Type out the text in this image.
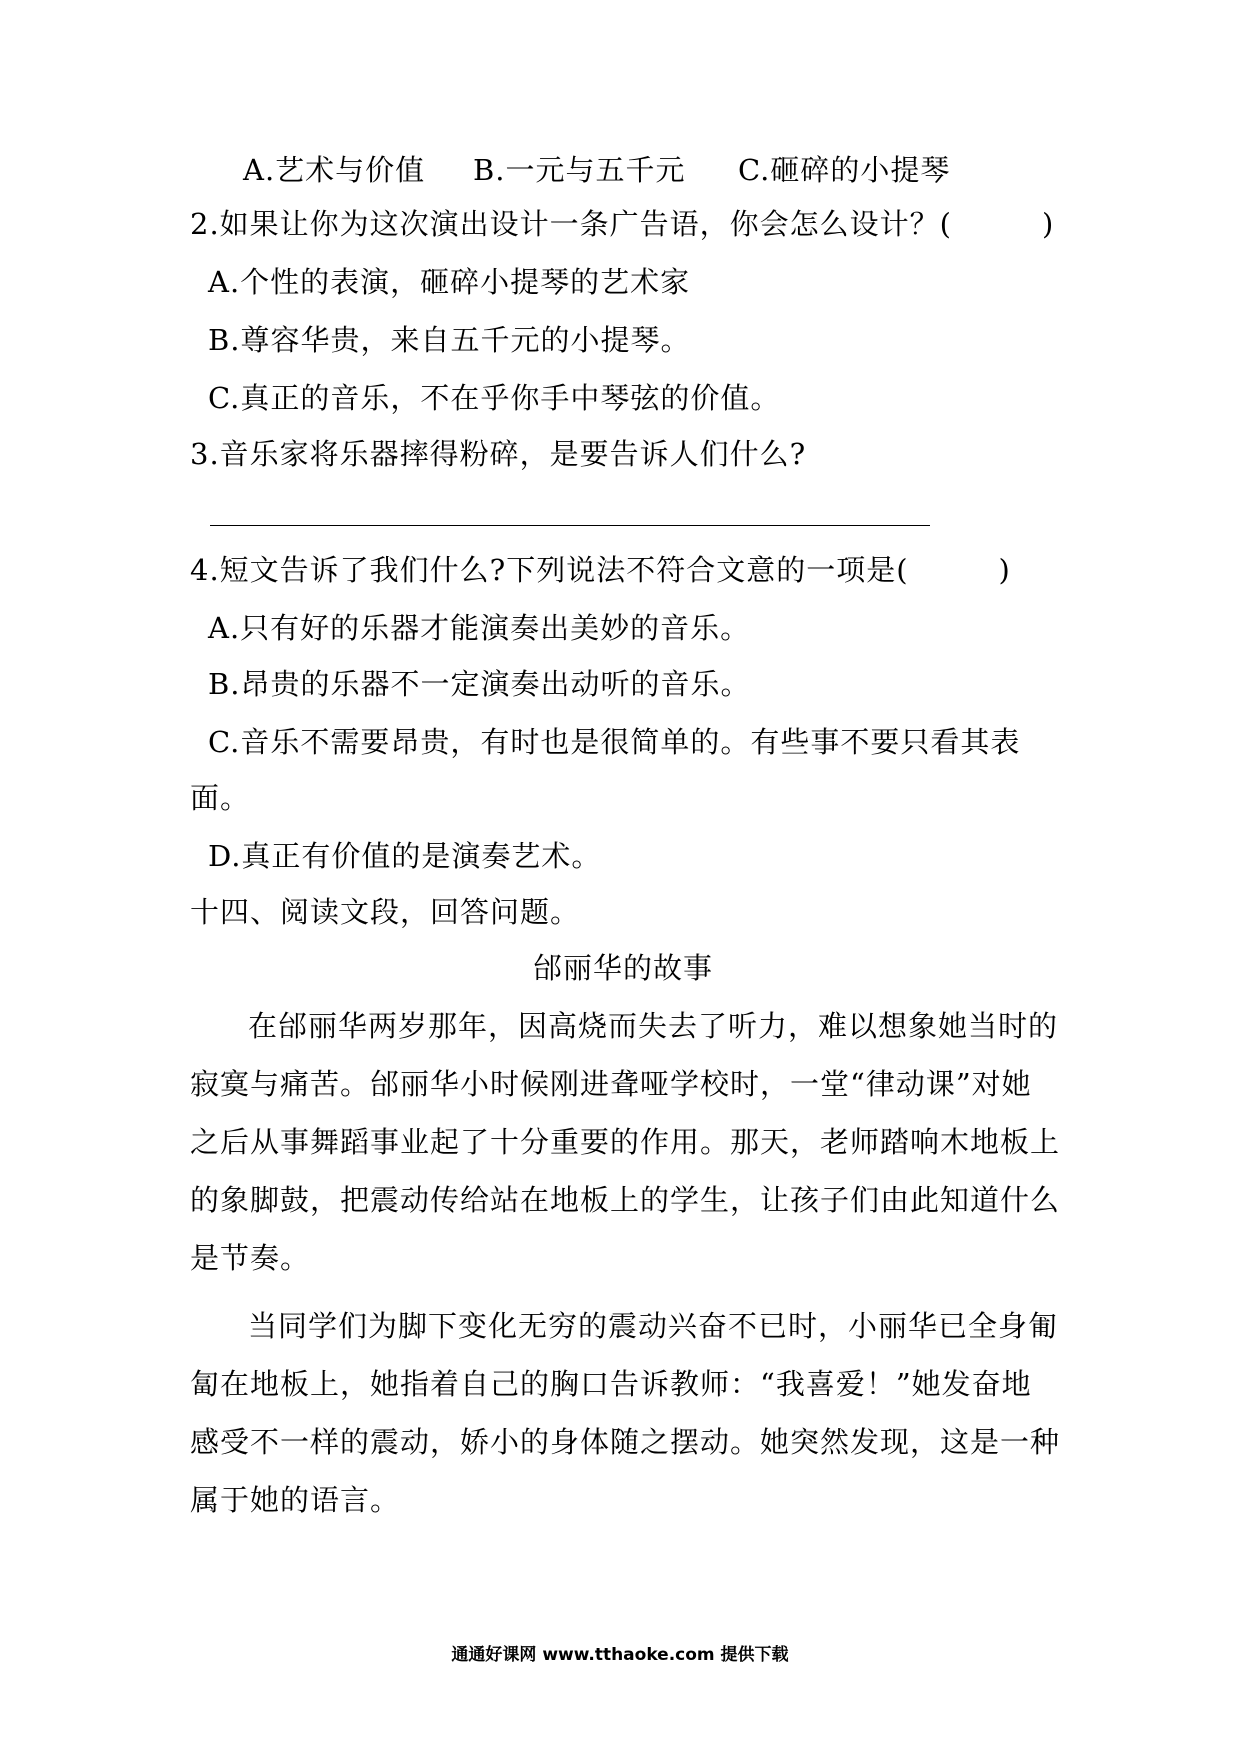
A.艺术与价值 B.一元与五千元 C.砸碎的小提琴
2.如果让你为这次演出设计一条广告语，你会怎么设计？(　　　)
A.个性的表演，砸碎小提琴的艺术家
B.尊容华贵，来自五千元的小提琴。
C.真正的音乐，不在乎你手中琴弦的价值。
3.音乐家将乐器摔得粉碎，是要告诉人们什么?
4.短文告诉了我们什么?下列说法不符合文意的一项是(　　　)
A.只有好的乐器才能演奏出美妙的音乐。
B.昂贵的乐器不一定演奏出动听的音乐。
C.音乐不需要昂贵，有时也是很简单的。有些事不要只看其表
面。
D.真正有价值的是演奏艺术。
十四、阅读文段，回答问题。
邰丽华的故事
在邰丽华两岁那年，因高烧而失去了听力，难以想象她当时的
寂寞与痛苦。邰丽华小时候刚进聋哑学校时，一堂“律动课”对她
之后从事舞蹈事业起了十分重要的作用。那天，老师踏响木地板上
的象脚鼓，把震动传给站在地板上的学生，让孩子们由此知道什么
是节奏。
当同学们为脚下变化无穷的震动兴奋不已时，小丽华已全身匍
匐在地板上，她指着自己的胸口告诉教师：“我喜爱！”她发奋地
感受不一样的震动，娇小的身体随之摆动。她突然发现，这是一种
属于她的语言。
通通好课网 www.tthaoke.com 提供下载
